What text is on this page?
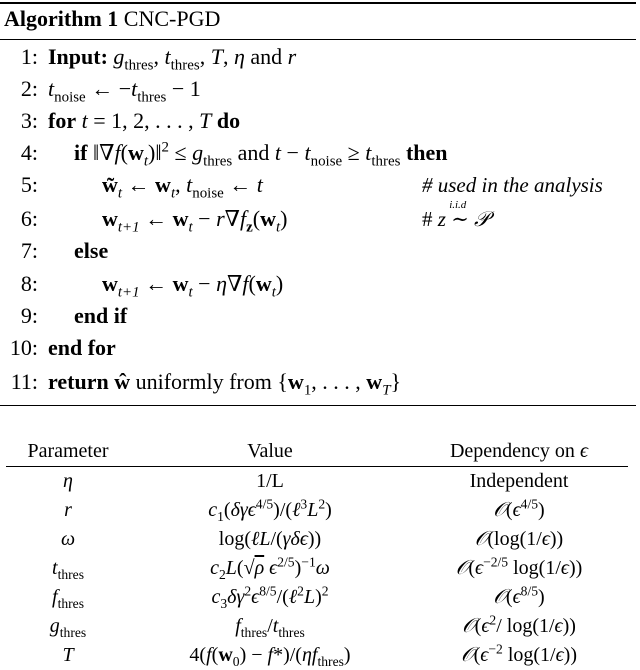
Algorithm 1 CNC-PGD
1: Input: $g_{thres}$, $t_{thres}$, T, η and r
2: $t_{noise}$ ← $-t_{thres} - 1$
3: for t = 1, 2, . . . , T do
4: if $‖\nabla f(w_t)‖^2 \le g_{thres}$ and $t - t_{noise} \ge t_{thres}$ then
5:	$w̃_t$ ← $w_t$, $t_{noise}$ ← t	# used in the analysis
6:	$w_{t+1}$ ← $w_t - r\nabla f_z(w_t)$	# z
i.i.d
∼ 𝒫
7: else
8:	$w_{t+1}$ ← $w_t - \eta\nabla f(w_t)$
9: end if
10: end for
11: return ŵ uniformly from {$w_1$, . . . , $w_T$}
Parameter	Value	Dependency on ϵ
η	1/L	Independent
r	$c_1(\delta\gamma\epsilon^{4/5})/(\ell^3L^2)$	$𝒪(\epsilon^{4/5})$
ω	log(ℓL/(γδϵ))	𝒪(log(1/ϵ))
$t_{thres}$	$c_2L(√\rho$ $\epsilon^{2/5})^{-1}\omega$	$𝒪(\epsilon^{-2/5}$ log(1/ϵ))
$f_{thres}$	$c_3\delta\gamma^2\epsilon^{8/5}/(\ell^2L)^2$	$𝒪(\epsilon^{8/5})$
$g_{thres}$	$f_{thres}/t_{thres}$	$𝒪(\epsilon^2/$ log(1/ϵ))
T	$4(f(w_0) - f*)/(\eta f_{thres})$	$𝒪(\epsilon^{-2}$ log(1/ϵ))
